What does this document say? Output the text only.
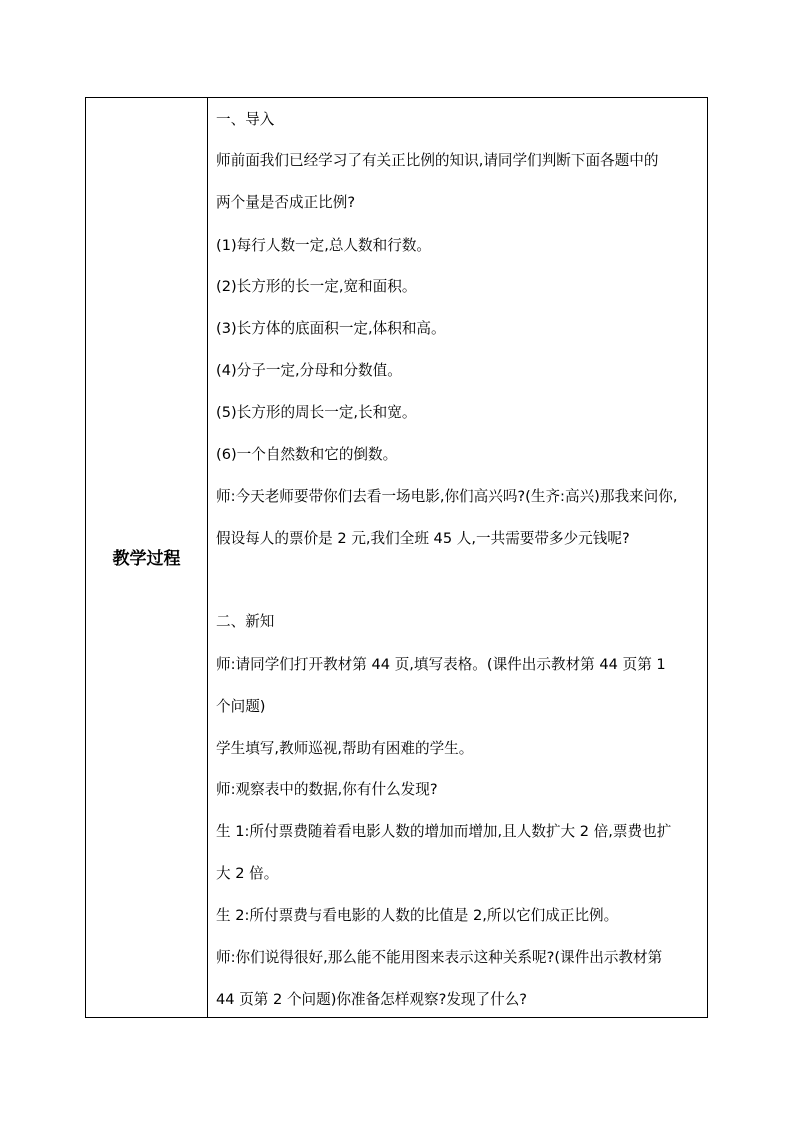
教学过程
一、导入
师前面我们已经学习了有关正比例的知识,请同学们判断下面各题中的
两个量是否成正比例?
(1)每行人数一定,总人数和行数。
(2)长方形的长一定,宽和面积。
(3)长方体的底面积一定,体积和高。
(4)分子一定,分母和分数值。
(5)长方形的周长一定,长和宽。
(6)一个自然数和它的倒数。
师:今天老师要带你们去看一场电影,你们高兴吗?(生齐:高兴)那我来问你,
假设每人的票价是 2 元,我们全班 45 人,一共需要带多少元钱呢?
二、新知
师:请同学们打开教材第 44 页,填写表格。(课件出示教材第 44 页第 1
个问题)
学生填写,教师巡视,帮助有困难的学生。
师:观察表中的数据,你有什么发现?
生 1:所付票费随着看电影人数的增加而增加,且人数扩大 2 倍,票费也扩
大 2 倍。
生 2:所付票费与看电影的人数的比值是 2,所以它们成正比例。
师:你们说得很好,那么能不能用图来表示这种关系呢?(课件出示教材第
44 页第 2 个问题)你准备怎样观察?发现了什么?
